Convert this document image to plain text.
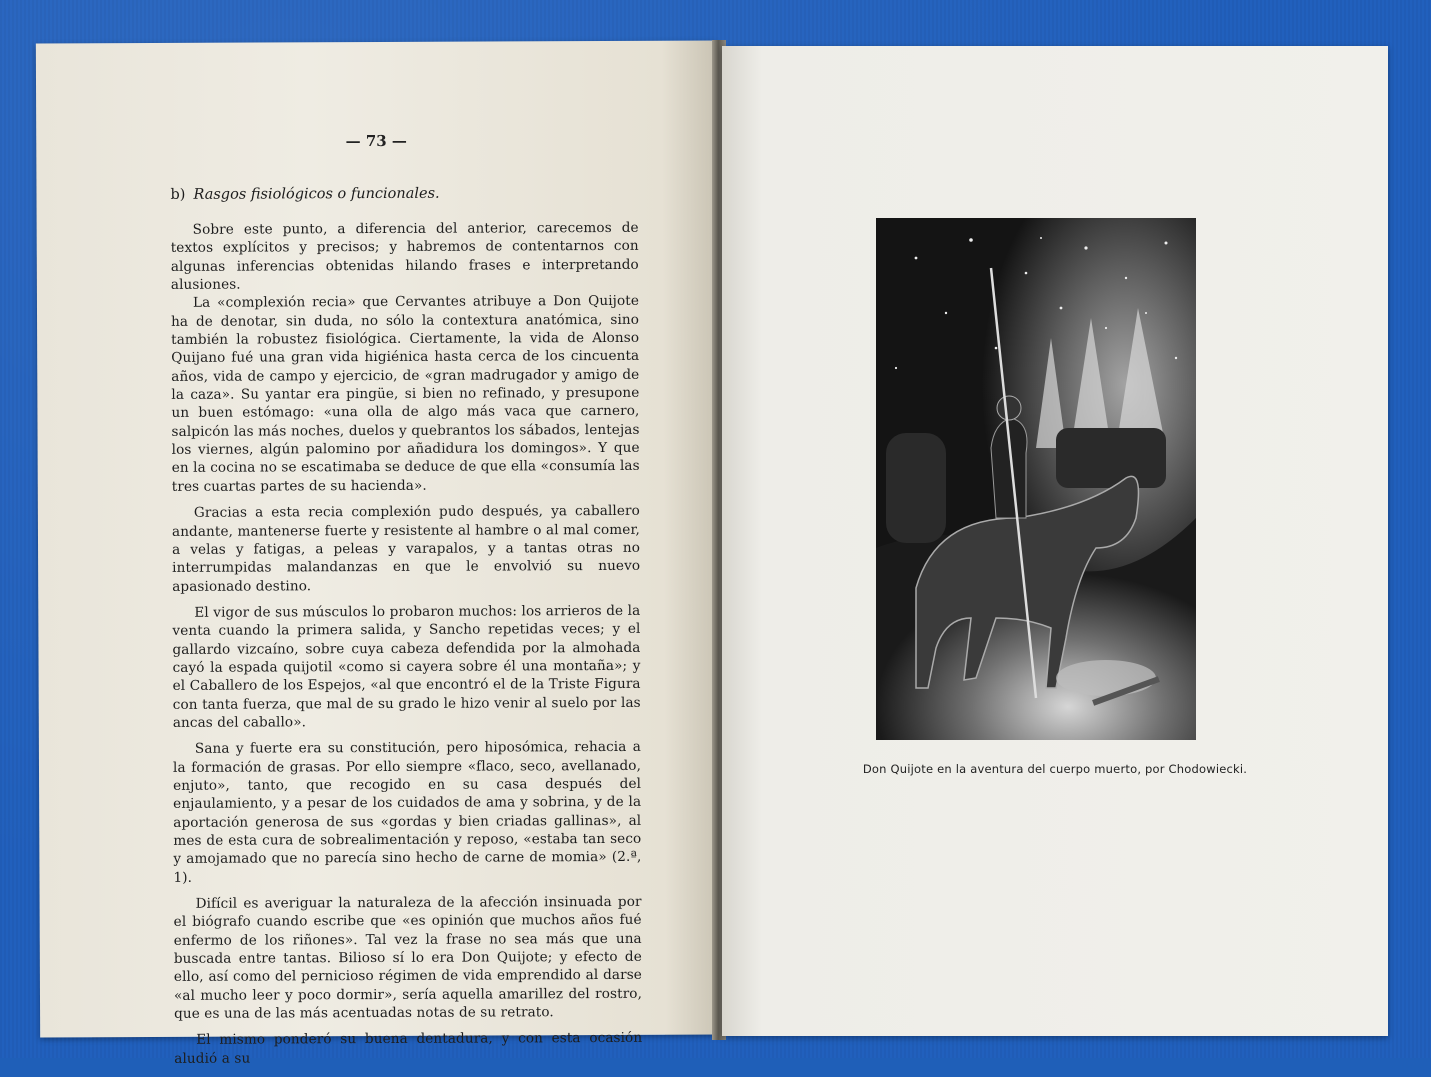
— 73 —
b) Rasgos fisiológicos o funcionales.

Sobre este punto, a diferencia del anterior, carecemos de textos explícitos y precisos; y habremos de contentarnos con algunas inferencias obtenidas hilando frases e interpretando alusiones.

La «complexión recia» que Cervantes atribuye a Don Quijote ha de denotar, sin duda, no sólo la contextura anatómica, sino también la robustez fisiológica. Ciertamente, la vida de Alonso Quijano fué una gran vida higiénica hasta cerca de los cincuenta años, vida de campo y ejercicio, de «gran madrugador y amigo de la caza». Su yantar era pingüe, si bien no refinado, y presupone un buen estómago: «una olla de algo más vaca que carnero, salpicón las más noches, duelos y quebrantos los sábados, lentejas los viernes, algún palomino por añadidura los domingos». Y que en la cocina no se escatimaba se deduce de que ella «consumía las tres cuartas partes de su hacienda».

Gracias a esta recia complexión pudo después, ya caballero andante, mantenerse fuerte y resistente al hambre o al mal comer, a velas y fatigas, a peleas y varapalos, y a tantas otras no interrumpidas malandanzas en que le envolvió su nuevo apasionado destino.

El vigor de sus músculos lo probaron muchos: los arrieros de la venta cuando la primera salida, y Sancho repetidas veces; y el gallardo vizcaíno, sobre cuya cabeza defendida por la almohada cayó la espada quijotil «como si cayera sobre él una montaña»; y el Caballero de los Espejos, «al que encontró el de la Triste Figura con tanta fuerza, que mal de su grado le hizo venir al suelo por las ancas del caballo».

Sana y fuerte era su constitución, pero hiposómica, rehacia a la formación de grasas. Por ello siempre «flaco, seco, avellanado, enjuto», tanto, que recogido en su casa después del enjaulamiento, y a pesar de los cuidados de ama y sobrina, y de la aportación generosa de sus «gordas y bien criadas gallinas», al mes de esta cura de sobrealimentación y reposo, «estaba tan seco y amojamado que no parecía sino hecho de carne de momia» (2.ª, 1).

Difícil es averiguar la naturaleza de la afección insinuada por el biógrafo cuando escribe que «es opinión que muchos años fué enfermo de los riñones». Tal vez la frase no sea más que una buscada entre tantas. Bilioso sí lo era Don Quijote; y efecto de ello, así como del pernicioso régimen de vida emprendido al darse «al mucho leer y poco dormir», sería aquella amarillez del rostro, que es una de las más acentuadas notas de su retrato.

El mismo ponderó su buena dentadura, y con esta ocasión aludió a su

Don Quijote en la aventura del cuerpo muerto, por Chodowiecki.
